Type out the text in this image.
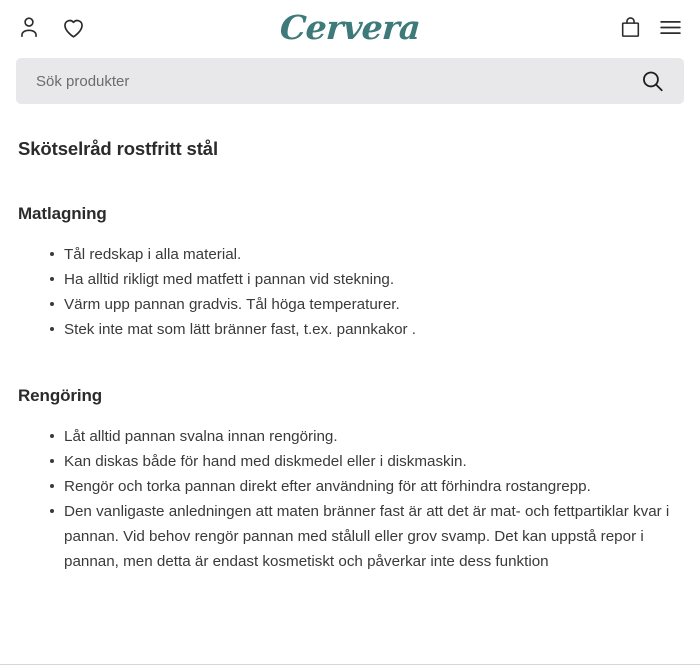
Cervera
Sök produkter
Skötselråd rostfritt stål
Matlagning
Tål redskap i alla material.
Ha alltid rikligt med matfett i pannan vid stekning.
Värm upp pannan gradvis. Tål höga temperaturer.
Stek inte mat som lätt bränner fast, t.ex. pannkakor .
Rengöring
Låt alltid pannan svalna innan rengöring.
Kan diskas både för hand med diskmedel eller i diskmaskin.
Rengör och torka pannan direkt efter användning för att förhindra rostangrepp.
Den vanligaste anledningen att maten bränner fast är att det är mat- och fettpartiklar kvar i pannan. Vid behov rengör pannan med stålull eller grov svamp. Det kan uppstå repor i pannan, men detta är endast kosmetiskt och påverkar inte dess funktion
